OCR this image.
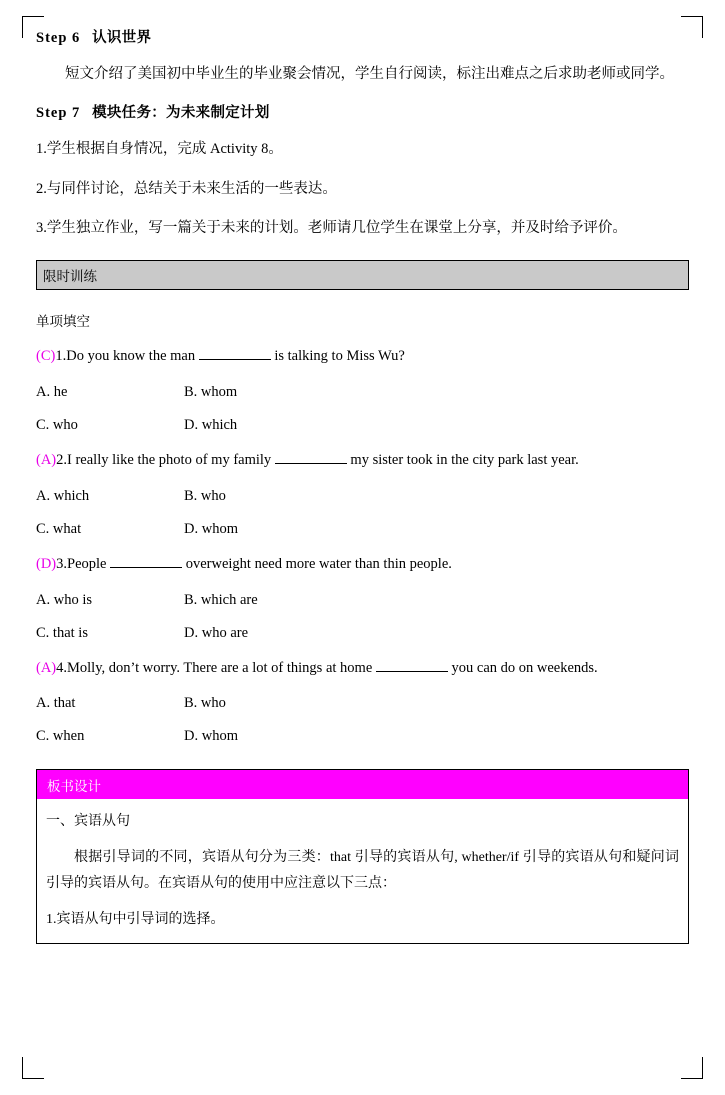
Step 6 认识世界

短文介绍了美国初中毕业生的毕业聚会情况，学生自行阅读，标注出难点之后求助老师或同学。

Step 7 模块任务：为未来制定计划

1.学生根据自身情况，完成 Activity 8。

2.与同伴讨论，总结关于未来生活的一些表达。

3.学生独立作业，写一篇关于未来的计划。老师请几位学生在课堂上分享，并及时给予评价。

限时训练

单项填空

(C)1.Do you know the man	is talking to Miss Wu?

A. he	B. whom
C. who	D. which

(A)2.I really like the photo of my family	my sister took in the city park last year.

A. which	B. who
C. what	D. whom

(D)3.People	overweight need more water than thin people.

A. who is	B. which are
C. that is	D. who are

(A)4.Molly, don’t worry. There are a lot of things at home	you can do on weekends.

A. that	B. who
C. when	D. whom
板书设计

一、宾语从句

根据引导词的不同，宾语从句分为三类：that 引导的宾语从句, whether/if 引导的宾语从句和疑问词引导的宾语从句。在宾语从句的使用中应注意以下三点：

1.宾语从句中引导词的选择。
